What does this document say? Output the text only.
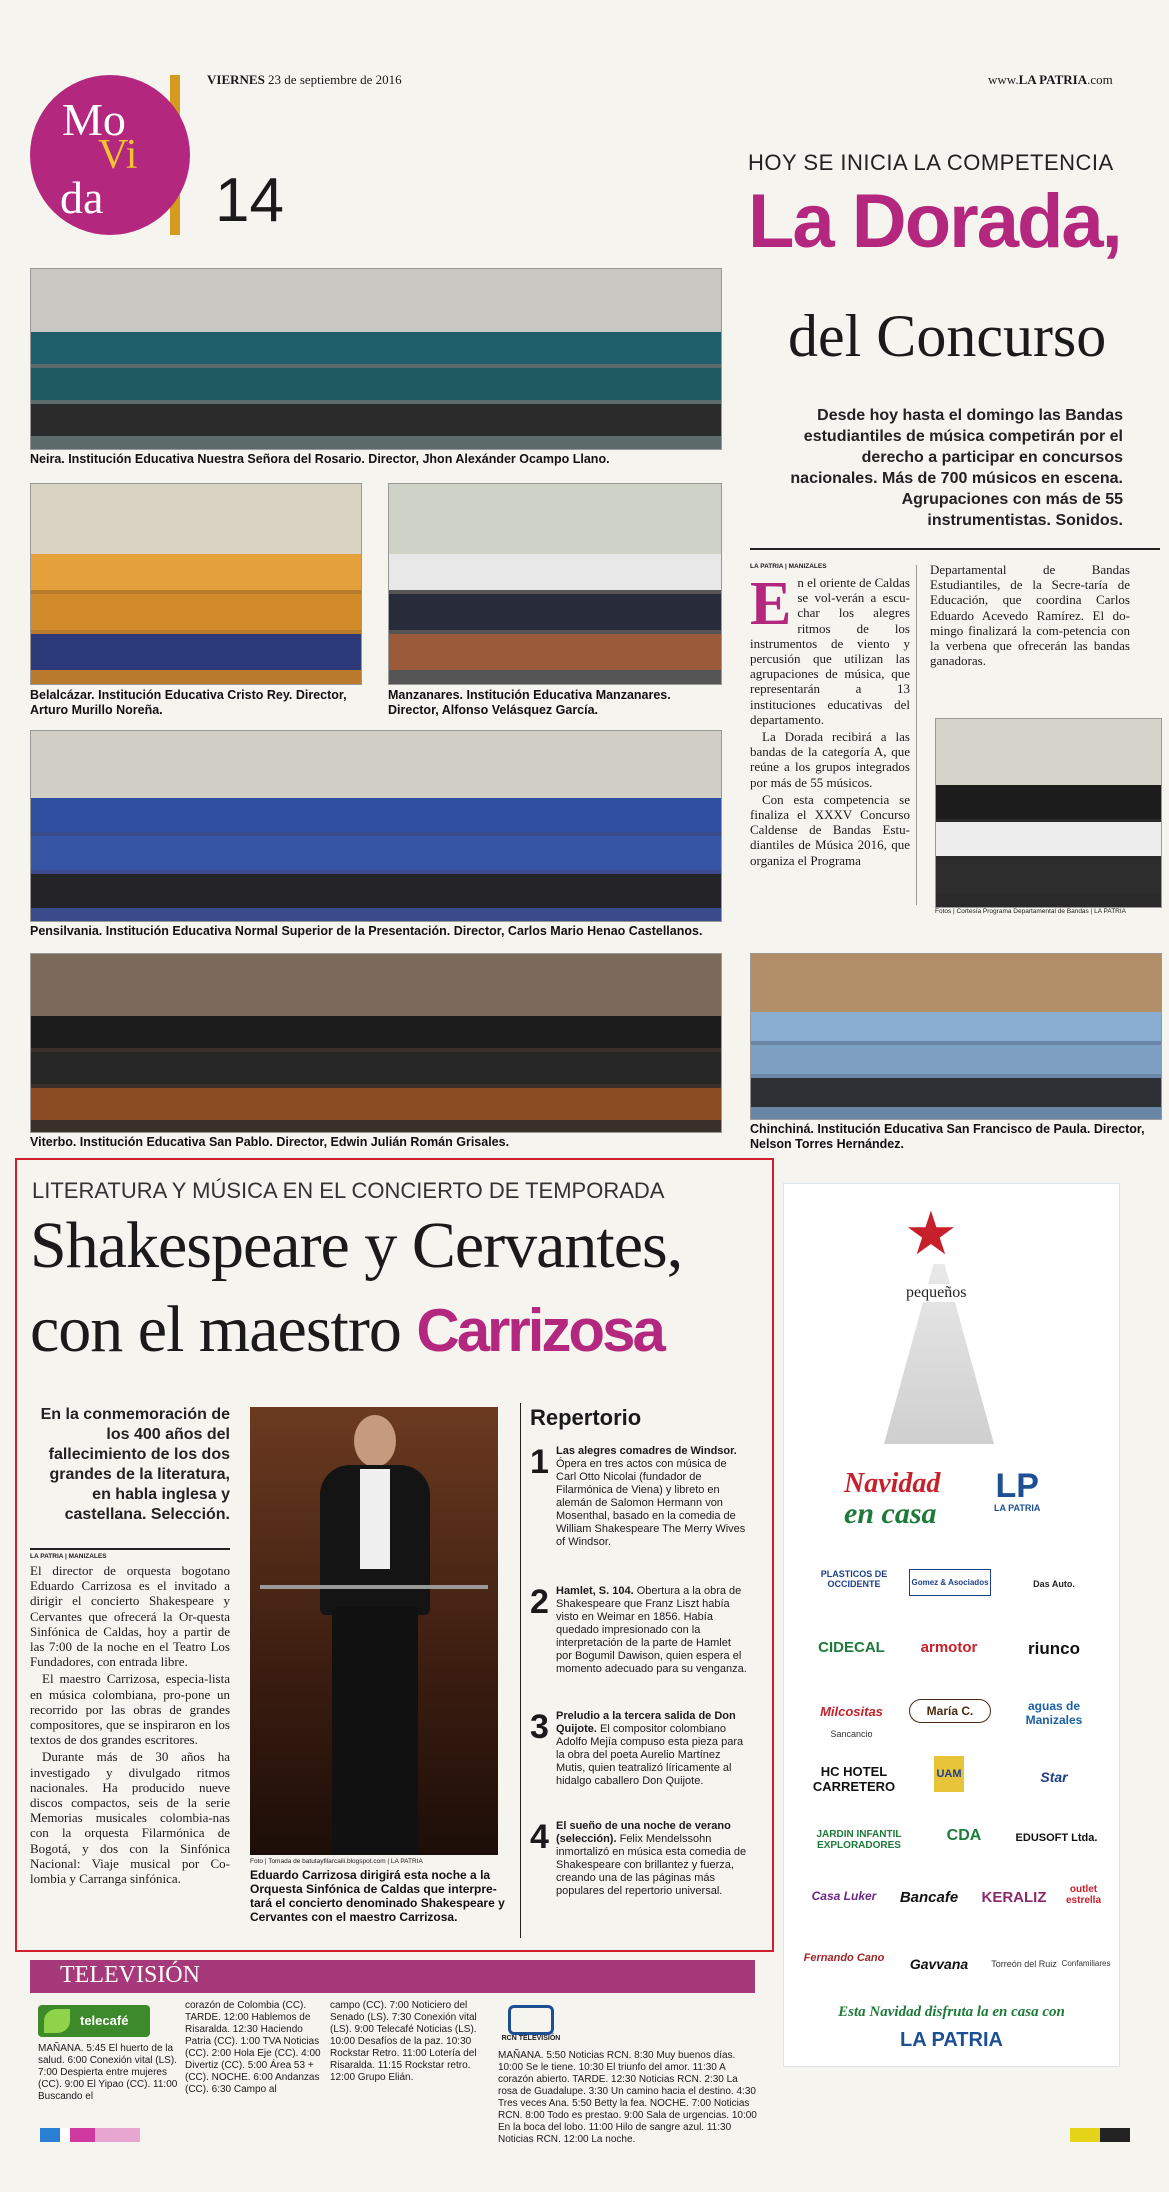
Mo
Vi
da 14
VIERNES 23 de septiembre de 2016	www.LA PATRIA.com
HOY SE INICIA LA COMPETENCIA
La Dorada,
del Concurso
Desde hoy hasta el domingo las Bandas estudiantiles de música competirán por el derecho a participar en concursos nacionales. Más de 700 músicos en escena. Agrupaciones con más de 55 instrumentistas. Sonidos.
LA PATRIA | MANIZALES
E n el oriente de Caldas se vol-verán a escu-char los alegres ritmos de los instrumentos de viento y percusión que utilizan las agrupaciones de música, que representarán a 13 instituciones educativas del departamento.

La Dorada recibirá a las bandas de la categoría A, que reúne a los grupos integrados por más de 55 músicos.

Con esta competencia se finaliza el XXXV Concurso Caldense de Bandas Estu-diantiles de Música 2016, que organiza el Programa

Departamental de Bandas Estudiantiles, de la Secre-taría de Educación, que coordina Carlos Eduardo Acevedo Ramírez. El do-mingo finalizará la com-petencia con la verbena que ofrecerán las bandas ganadoras.

Neira. Institución Educativa Nuestra Señora del Rosario. Director, Jhon Alexánder Ocampo Llano.
Belalcázar. Institución Educativa Cristo Rey. Director, Arturo Murillo Noreña.
Manzanares. Institución Educativa Manzanares. Director, Alfonso Velásquez García.
Pensilvania. Institución Educativa Normal Superior de la Presentación. Director, Carlos Mario Henao Castellanos.
Viterbo. Institución Educativa San Pablo. Director, Edwin Julián Román Grisales.
Fotos | Cortesía Programa Departamental de Bandas | LA PATRIA
Chinchiná. Institución Educativa San Francisco de Paula. Director, Nelson Torres Hernández.
LITERATURA Y MÚSICA EN EL CONCIERTO DE TEMPORADA
Shakespeare y Cervantes,
con el maestro Carrizosa
En la conmemoración de los 400 años del fallecimiento de los dos grandes de la literatura, en habla inglesa y castellana. Selección.
LA PATRIA | MANIZALES

El director de orquesta bogotano Eduardo Carrizosa es el invitado a dirigir el concierto Shakespeare y Cervantes que ofrecerá la Or-questa Sinfónica de Caldas, hoy a partir de las 7:00 de la noche en el Teatro Los Fundadores, con entrada libre.

El maestro Carrizosa, especia-lista en música colombiana, pro-pone un recorrido por las obras de grandes compositores, que se inspiraron en los textos de dos grandes escritores.

Durante más de 30 años ha investigado y divulgado ritmos nacionales. Ha producido nueve discos compactos, seis de la serie Memorias musicales colombia-nas con la orquesta Filarmónica de Bogotá, y dos con la Sinfónica Nacional: Viaje musical por Co-lombia y Carranga sinfónica.

Foto | Tomada de batutayfilarcaili.blogspot.com | LA PATRIA
Eduardo Carrizosa dirigirá esta noche a la Orquesta Sinfónica de Caldas que interpre-tará el concierto denominado Shakespeare y Cervantes con el maestro Carrizosa.
Repertorio
1 Las alegres comadres de Windsor. Ópera en tres actos con música de Carl Otto Nicolai (fundador de Filarmónica de Viena) y libreto en alemán de Salomon Hermann von Mosenthal, basado en la comedia de William Shakespeare The Merry Wives of Windsor.
2 Hamlet, S. 104. Obertura a la obra de Shakespeare que Franz Liszt había visto en Weimar en 1856. Había quedado impresionado con la interpretación de la parte de Hamlet por Bogumil Dawison, quien espera el momento adecuado para su venganza.
3 Preludio a la tercera salida de Don Quijote. El compositor colombiano Adolfo Mejía compuso esta pieza para la obra del poeta Aurelio Martínez Mutis, quien teatralizó líricamente al hidalgo caballero Don Quijote.
4 El sueño de una noche de verano (selección). Felix Mendelssohn inmortalizó en música esta comedia de Shakespeare con brillantez y fuerza, creando una de las páginas más populares del repertorio universal.
★
pequeños
Navidad
en casa
LP
LA PATRIA
PLASTICOS DE OCCIDENTE	Gomez & Asociados	Das Auto.
CIDECAL	armotor	riunco
Milcositas	María C.	aguas de Manizales
Sancancio
HC HOTEL CARRETERO
UAM	Star
JARDIN INFANTIL EXPLORADORES
CDA	EDUSOFT Ltda.
Casa Luker	Bancafe	KERALIZ	outlet estrella
Fernando Cano	Gavvana	Torreón del Ruiz Confamiliares
Esta Navidad disfruta la en casa con
LA PATRIA
TELEVISIÓN
telecafé
RCN TELEVISIÓN
MAÑANA. 5:45 El huerto de la salud. 6:00 Conexión vital (LS). 7:00 Despierta entre mujeres (CC). 9:00 El Yipao (CC). 11:00 Buscando el
corazón de Colombia (CC). TARDE. 12:00 Hablemos de Risaralda. 12:30 Haciendo Patria (CC). 1:00 TVA Noticias (CC). 2:00 Hola Eje (CC). 4:00 Divertiz (CC). 5:00 Área 53 +(CC). NOCHE. 6:00 Andanzas (CC). 6:30 Campo al
campo (CC). 7:00 Noticiero del Senado (LS). 7:30 Conexión vital (LS). 9:00 Telecafé Noticias (LS). 10:00 Desafíos de la paz. 10:30 Rockstar Retro. 11:00 Lotería del Risaralda. 11:15 Rockstar retro. 12:00 Grupo Elián.
MAÑANA. 5:50 Noticias RCN. 8:30 Muy buenos días. 10:00 Se le tiene. 10:30 El triunfo del amor. 11:30 A corazón abierto. TARDE. 12:30 Noticias RCN. 2:30 La rosa de Guadalupe. 3:30 Un camino hacia el destino. 4:30 Tres veces Ana. 5:50 Betty la fea. NOCHE. 7:00 Noticias RCN. 8:00 Todo es prestao. 9:00 Sala de urgencias. 10:00 En la boca del lobo. 11:00 Hilo de sangre azul. 11:30 Noticias RCN. 12:00 La noche.
